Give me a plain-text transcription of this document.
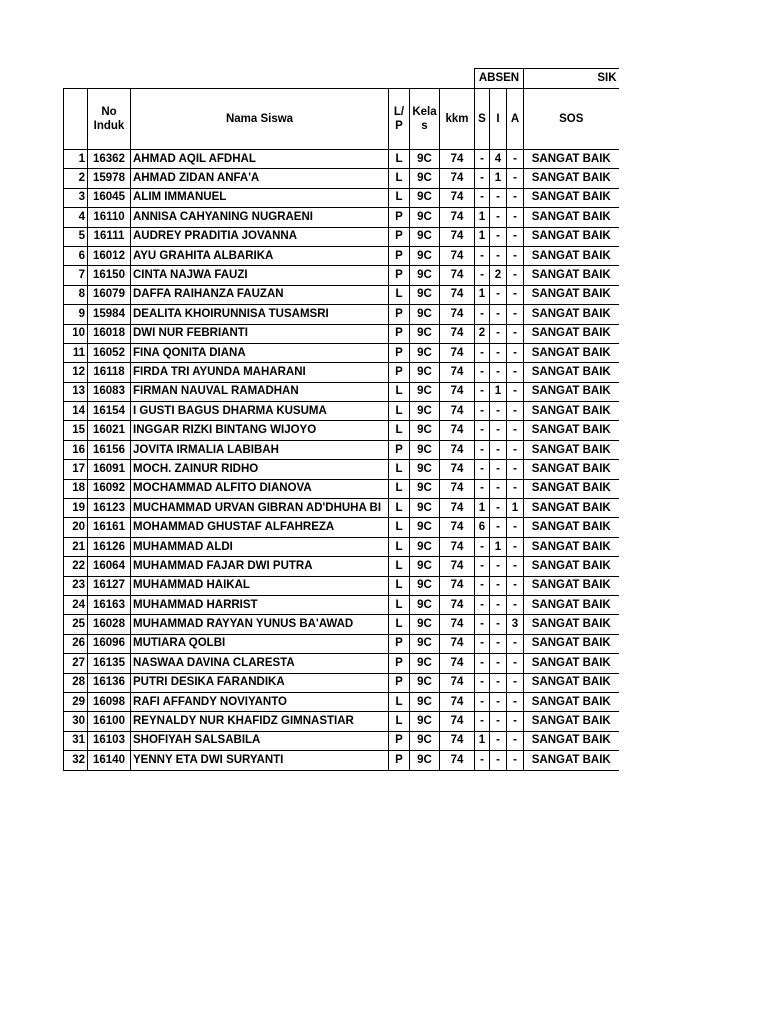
						ABSEN			SIK
	No Induk	Nama Siswa	L/ P	Kela s	kkm	S	I	A	SOS
1	16362	AHMAD AQIL AFDHAL	L	9C	74	-	4	-	SANGAT BAIK
2	15978	AHMAD ZIDAN ANFA'A	L	9C	74	-	1	-	SANGAT BAIK
3	16045	ALIM IMMANUEL	L	9C	74	-	-	-	SANGAT BAIK
4	16110	ANNISA CAHYANING NUGRAENI	P	9C	74	1	-	-	SANGAT BAIK
5	16111	AUDREY PRADITIA JOVANNA	P	9C	74	1	-	-	SANGAT BAIK
6	16012	AYU GRAHITA ALBARIKA	P	9C	74	-	-	-	SANGAT BAIK
7	16150	CINTA NAJWA FAUZI	P	9C	74	-	2	-	SANGAT BAIK
8	16079	DAFFA RAIHANZA FAUZAN	L	9C	74	1	-	-	SANGAT BAIK
9	15984	DEALITA KHOIRUNNISA TUSAMSRI	P	9C	74	-	-	-	SANGAT BAIK
10	16018	DWI NUR FEBRIANTI	P	9C	74	2	-	-	SANGAT BAIK
11	16052	FINA QONITA DIANA	P	9C	74	-	-	-	SANGAT BAIK
12	16118	FIRDA TRI AYUNDA MAHARANI	P	9C	74	-	-	-	SANGAT BAIK
13	16083	FIRMAN NAUVAL RAMADHAN	L	9C	74	-	1	-	SANGAT BAIK
14	16154	I GUSTI BAGUS DHARMA KUSUMA	L	9C	74	-	-	-	SANGAT BAIK
15	16021	INGGAR RIZKI BINTANG WIJOYO	L	9C	74	-	-	-	SANGAT BAIK
16	16156	JOVITA IRMALIA LABIBAH	P	9C	74	-	-	-	SANGAT BAIK
17	16091	MOCH. ZAINUR RIDHO	L	9C	74	-	-	-	SANGAT BAIK
18	16092	MOCHAMMAD ALFITO DIANOVA	L	9C	74	-	-	-	SANGAT BAIK
19	16123	MUCHAMMAD URVAN GIBRAN AD'DHUHA BI	L	9C	74	1	-	1	SANGAT BAIK
20	16161	MOHAMMAD GHUSTAF ALFAHREZA	L	9C	74	6	-	-	SANGAT BAIK
21	16126	MUHAMMAD ALDI	L	9C	74	-	1	-	SANGAT BAIK
22	16064	MUHAMMAD FAJAR DWI PUTRA	L	9C	74	-	-	-	SANGAT BAIK
23	16127	MUHAMMAD HAIKAL	L	9C	74	-	-	-	SANGAT BAIK
24	16163	MUHAMMAD HARRIST	L	9C	74	-	-	-	SANGAT BAIK
25	16028	MUHAMMAD RAYYAN YUNUS BA'AWAD	L	9C	74	-	-	3	SANGAT BAIK
26	16096	MUTIARA QOLBI	P	9C	74	-	-	-	SANGAT BAIK
27	16135	NASWAA DAVINA CLARESTA	P	9C	74	-	-	-	SANGAT BAIK
28	16136	PUTRI DESIKA FARANDIKA	P	9C	74	-	-	-	SANGAT BAIK
29	16098	RAFI AFFANDY NOVIYANTO	L	9C	74	-	-	-	SANGAT BAIK
30	16100	REYNALDY NUR KHAFIDZ GIMNASTIAR	L	9C	74	-	-	-	SANGAT BAIK
31	16103	SHOFIYAH SALSABILA	P	9C	74	1	-	-	SANGAT BAIK
32	16140	YENNY ETA DWI SURYANTI	P	9C	74	-	-	-	SANGAT BAIK
